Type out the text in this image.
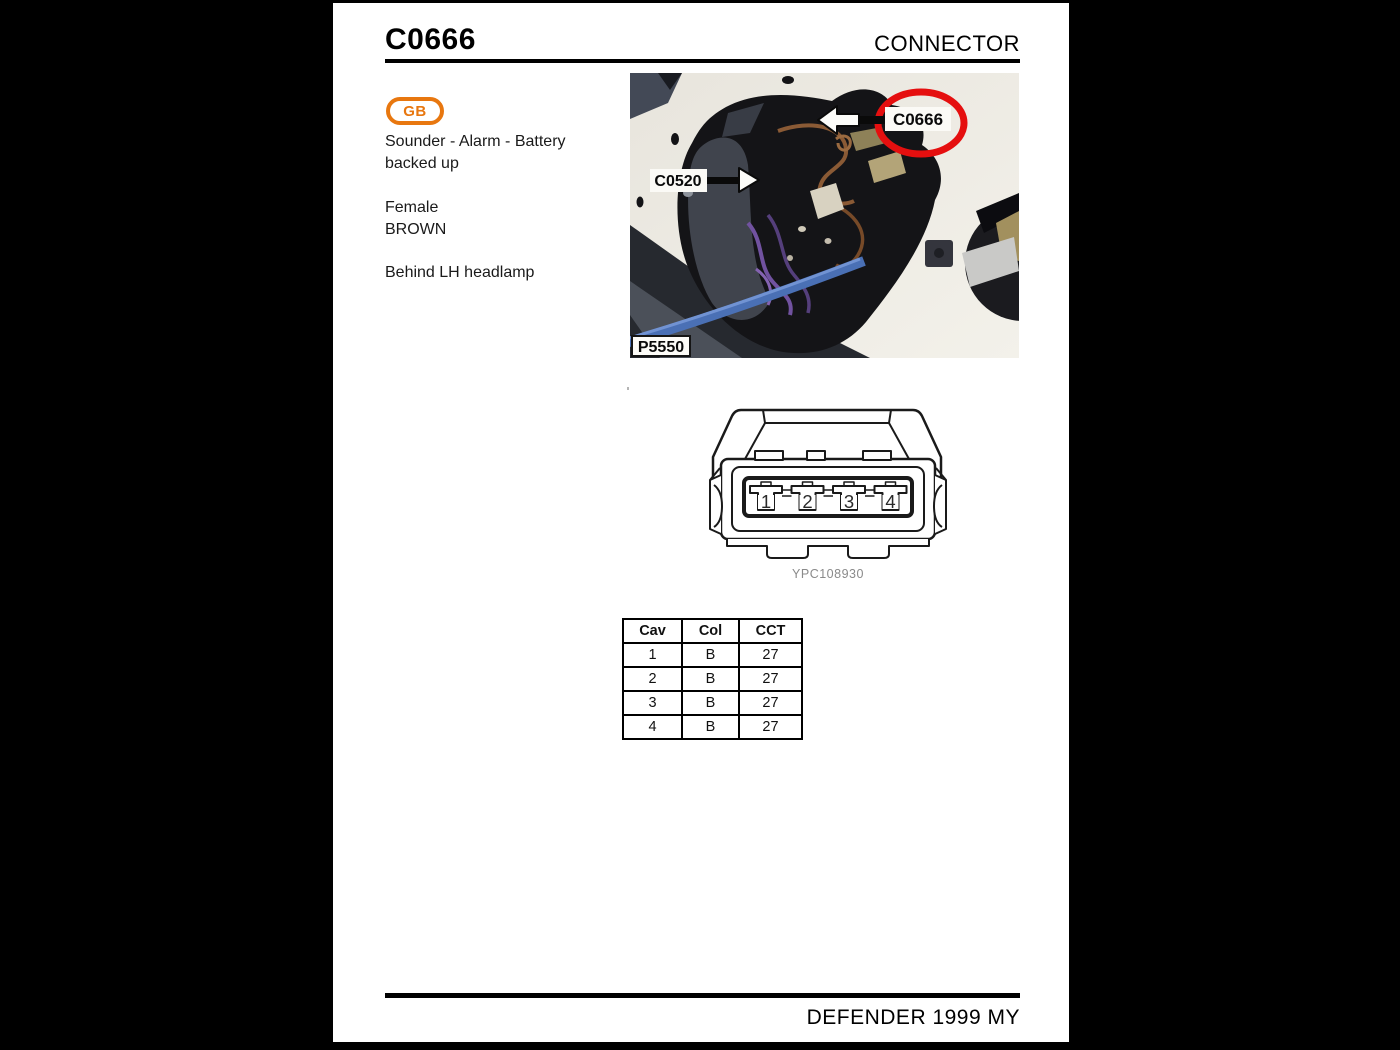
C0666	CONNECTOR
GB
Sounder - Alarm - Battery
backed up
Female
BROWN
Behind LH headlamp
C0666
C0520
P5550
1 2 3 4
YPC108930
Cav	Col	CCT
1	B	27
2	B	27
3	B	27
4	B	27
DEFENDER 1999 MY
